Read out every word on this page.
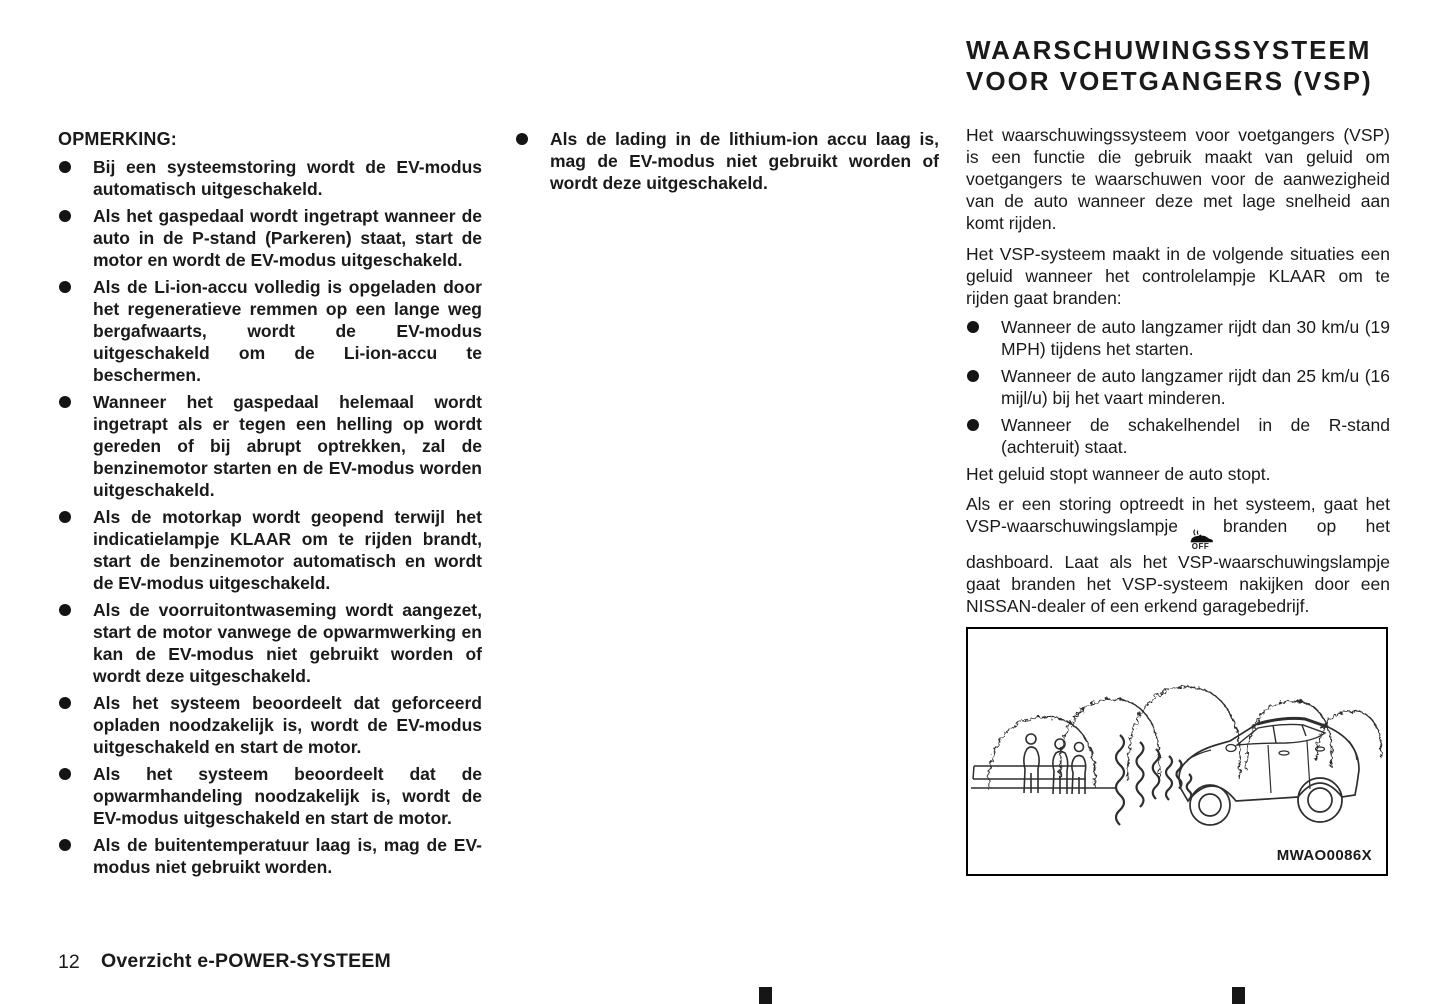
OPMERKING:
Bij een systeemstoring wordt de EV-modus automatisch uitgeschakeld.
Als het gaspedaal wordt ingetrapt wanneer de auto in de P-stand (Parkeren) staat, start de motor en wordt de EV-modus uitgeschakeld.
Als de Li-ion-accu volledig is opgeladen door het regeneratieve remmen op een lange weg bergafwaarts, wordt de EV-modus uitgeschakeld om de Li-ion-accu te beschermen.
Wanneer het gaspedaal helemaal wordt ingetrapt als er tegen een helling op wordt gereden of bij abrupt optrekken, zal de benzinemotor starten en de EV-modus worden uitgeschakeld.
Als de motorkap wordt geopend terwijl het indicatielampje KLAAR om te rijden brandt, start de benzinemotor automatisch en wordt de EV-modus uitgeschakeld.
Als de voorruitontwaseming wordt aangezet, start de motor vanwege de opwarmwerking en kan de EV-modus niet gebruikt worden of wordt deze uitgeschakeld.
Als het systeem beoordeelt dat geforceerd opladen noodzakelijk is, wordt de EV-modus uitgeschakeld en start de motor.
Als het systeem beoordeelt dat de opwarmhandeling noodzakelijk is, wordt de EV-modus uitgeschakeld en start de motor.
Als de buitentemperatuur laag is, mag de EV-modus niet gebruikt worden.
Als de lading in de lithium-ion accu laag is, mag de EV-modus niet gebruikt worden of wordt deze uitgeschakeld.
WAARSCHUWINGSSYSTEEM
VOOR VOETGANGERS (VSP)

Het waarschuwingssysteem voor voetgangers (VSP) is een functie die gebruik maakt van geluid om voetgangers te waarschuwen voor de aanwezigheid van de auto wanneer deze met lage snelheid aan komt rijden.

Het VSP-systeem maakt in de volgende situaties een geluid wanneer het controlelampje KLAAR om te rijden gaat branden:

Wanneer de auto langzamer rijdt dan 30 km/u (19 MPH) tijdens het starten.
Wanneer de auto langzamer rijdt dan 25 km/u (16 mijl/u) bij het vaart minderen.
Wanneer de schakelhendel in de R-stand (achteruit) staat.

Het geluid stopt wanneer de auto stopt.

Als er een storing optreedt in het systeem, gaat het VSP-waarschuwingslampje
OFF
branden op het dashboard. Laat als het VSP-waarschuwingslampje gaat branden het VSP-systeem nakijken door een NISSAN-dealer of een erkend garagebedrijf.

MWAO0086X
12 Overzicht e-POWER-SYSTEEM
